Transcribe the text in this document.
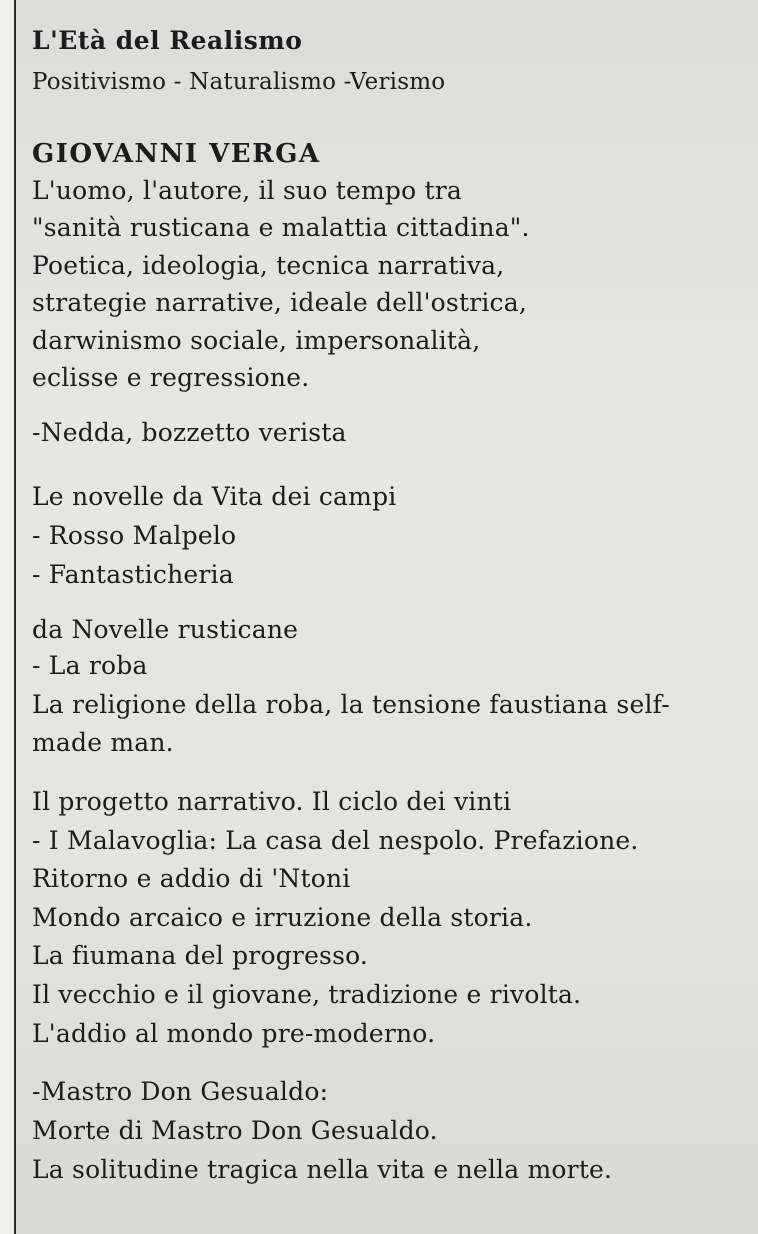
L'Età del Realismo
Positivismo - Naturalismo -Verismo
GIOVANNI VERGA
L'uomo, l'autore, il suo tempo tra
"sanità rusticana e malattia cittadina".
Poetica, ideologia, tecnica narrativa,
strategie narrative, ideale dell'ostrica,
darwinismo sociale, impersonalità,
eclisse e regressione.
-Nedda, bozzetto verista
Le novelle da Vita dei campi
- Rosso Malpelo
- Fantasticheria
da Novelle rusticane
- La roba
La religione della roba, la tensione faustiana self-
made man.
Il progetto narrativo. Il ciclo dei vinti
- I Malavoglia: La casa del nespolo. Prefazione.
Ritorno e addio di 'Ntoni
Mondo arcaico e irruzione della storia.
La fiumana del progresso.
Il vecchio e il giovane, tradizione e rivolta.
L'addio al mondo pre-moderno.
-Mastro Don Gesualdo:
Morte di Mastro Don Gesualdo.
La solitudine tragica nella vita e nella morte.
